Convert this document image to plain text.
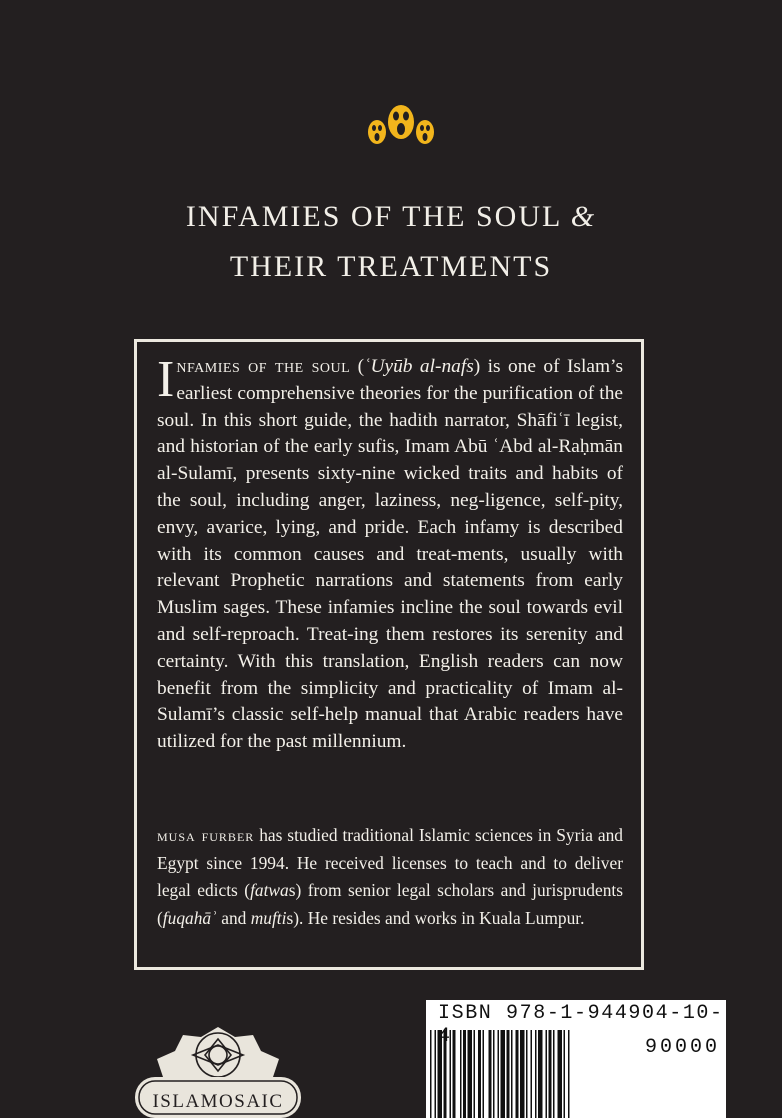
INFAMIES OF THE SOUL &
THEIR TREATMENTS
Infamies of the soul (ʿUyūb al-nafs) is one of Islam’s earliest comprehensive theories for the purification of the soul. In this short guide, the hadith narrator, Shāfiʿī legist, and historian of the early sufis, Imam Abū ʿAbd al-Raḥmān al-Sulamī, presents sixty-nine wicked traits and habits of the soul, including anger, laziness, neg-ligence, self-pity, envy, avarice, lying, and pride. Each infamy is described with its common causes and treat-ments, usually with relevant Prophetic narrations and statements from early Muslim sages. These infamies incline the soul towards evil and self-reproach. Treat-ing them restores its serenity and certainty. With this translation, English readers can now benefit from the simplicity and practicality of Imam al-Sulamī’s classic self-help manual that Arabic readers have utilized for the past millennium.
musa furber has studied traditional Islamic sciences in Syria and Egypt since 1994. He received licenses to teach and to deliver legal edicts (fatwas) from senior legal scholars and jurisprudents (fuqahāʾ and muftis). He resides and works in Kuala Lumpur.
ISLAMOSAIC
ISBN 978-1-944904-10-
90000
